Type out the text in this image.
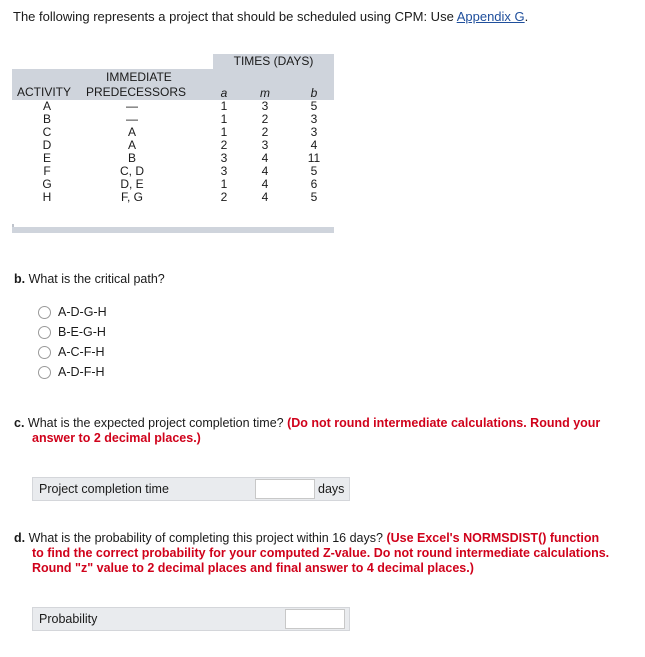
The following represents a project that should be scheduled using CPM: Use Appendix G.
TIMES (DAYS)
IMMEDIATE
ACTIVITY PREDECESSORS	a	m	b
A	—	1	3	5
B	—	1	2	3
C	A	1	2	3
D	A	2	3	4
E	B	3	4	11
F	C, D	3	4	5
G	D, E	1	4	6
H	F, G	2	4	5
b. What is the critical path?
A-D-G-H
B-E-G-H
A-C-F-H
A-D-F-H
c. What is the expected project completion time? (Do not round intermediate calculations. Round your
answer to 2 decimal places.)
Project completion time	days
d. What is the probability of completing this project within 16 days? (Use Excel's NORMSDIST() function
to find the correct probability for your computed Z-value. Do not round intermediate calculations.
Round "z" value to 2 decimal places and final answer to 4 decimal places.)
Probability
